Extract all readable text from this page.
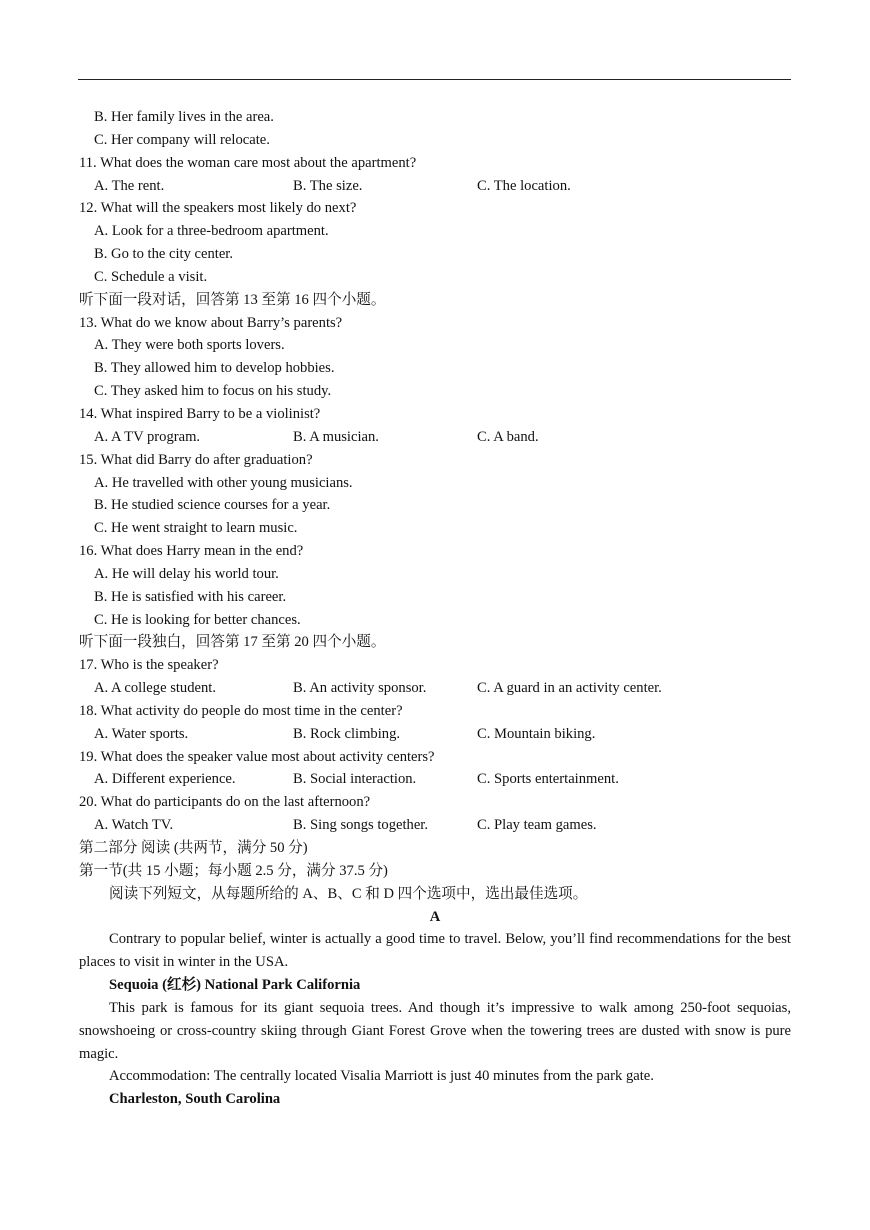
B. Her family lives in the area.
C. Her company will relocate.
11. What does the woman care most about the apartment?
A. The rent.	B. The size.	C. The location.
12. What will the speakers most likely do next?
A. Look for a three-bedroom apartment.
B. Go to the city center.
C. Schedule a visit.
听下面一段对话，回答第 13 至第 16 四个小题。
13. What do we know about Barry’s parents?
A. They were both sports lovers.
B. They allowed him to develop hobbies.
C. They asked him to focus on his study.
14. What inspired Barry to be a violinist?
A. A TV program.	B. A musician.	C. A band.
15. What did Barry do after graduation?
A. He travelled with other young musicians.
B. He studied science courses for a year.
C. He went straight to learn music.
16. What does Harry mean in the end?
A. He will delay his world tour.
B. He is satisfied with his career.
C. He is looking for better chances.
听下面一段独白，回答第 17 至第 20 四个小题。
17. Who is the speaker?
A. A college student.	B. An activity sponsor.	C. A guard in an activity center.
18. What activity do people do most time in the center?
A. Water sports.	B. Rock climbing.	C. Mountain biking.
19. What does the speaker value most about activity centers?
A. Different experience.	B. Social interaction.	C. Sports entertainment.
20. What do participants do on the last afternoon?
A. Watch TV.	B. Sing songs together.	C. Play team games.
第二部分 阅读 (共两节，满分 50 分)
第一节(共 15 小题；每小题 2.5 分，满分 37.5 分)
阅读下列短文，从每题所给的 A、B、C 和 D 四个选项中，选出最佳选项。
A
Contrary to popular belief, winter is actually a good time to travel. Below, you’ll find recommendations for the best places to visit in winter in the USA.
Sequoia (红杉) National Park California
This park is famous for its giant sequoia trees. And though it’s impressive to walk among 250-foot sequoias, snowshoeing or cross-country skiing through Giant Forest Grove when the towering trees are dusted with snow is pure magic.
Accommodation: The centrally located Visalia Marriott is just 40 minutes from the park gate.
Charleston, South Carolina
